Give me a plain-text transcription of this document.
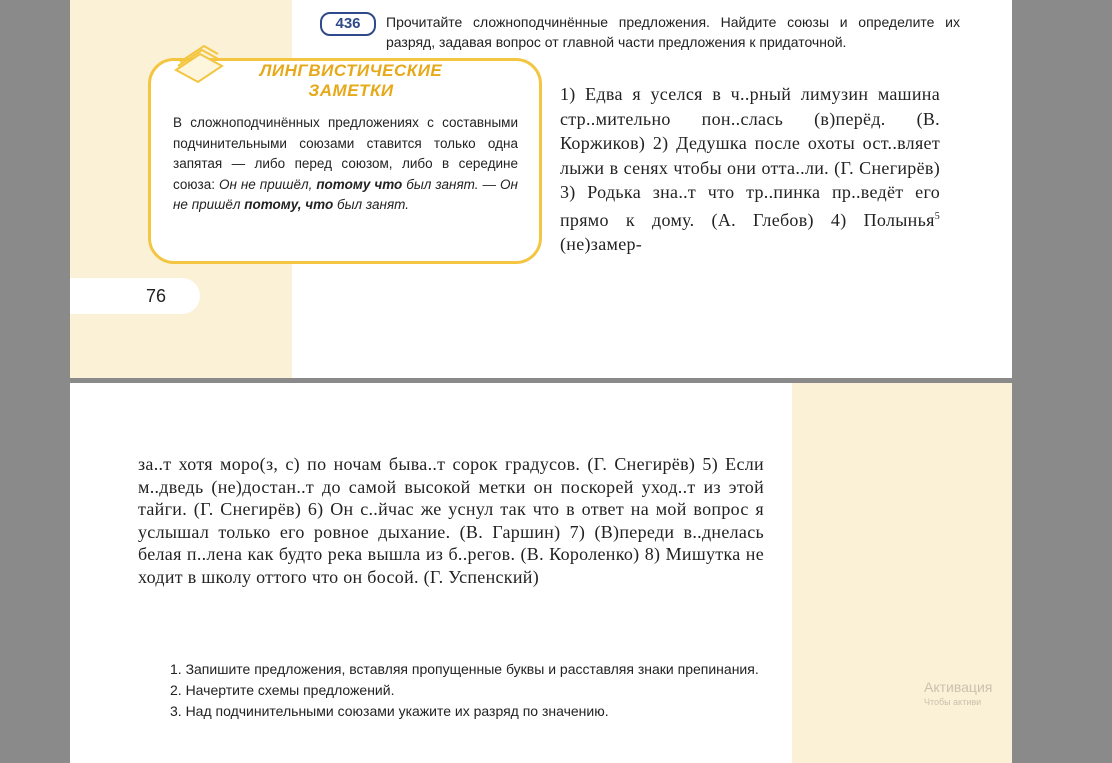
436	Прочитайте сложноподчинённые предложения. Найдите союзы и определите их разряд, задавая вопрос от главной части предложения к придаточной.
ЛИНГВИСТИЧЕСКИЕ
ЗАМЕТКИ
В сложноподчинённых предложениях с составными подчинительными союзами ставится только одна запятая — либо перед союзом, либо в середине союза: Он не пришёл, потому что был занят. — Он не пришёл потому, что был занят.
1) Едва я уселся в ч..рный лимузин машина стр..мительно пон..слась (в)перёд. (В. Коржиков) 2) Дедушка после охоты ост..вляет лыжи в сенях чтобы они отта..ли. (Г. Снегирёв) 3) Родька зна..т что тр..пинка пр..ведёт его прямо к дому. (А. Глебов) 4) Полынья$^5$ (не)замер-
76
за..т хотя моро(з, с) по ночам быва..т сорок градусов. (Г. Снегирёв) 5) Если м..дведь (не)достан..т до самой высокой метки он поскорей уход..т из этой тайги. (Г. Снегирёв) 6) Он с..йчас же уснул так что в ответ на мой вопрос я услышал только его ровное дыхание. (В. Гаршин) 7) (В)переди в..днелась белая п..лена как будто река вышла из б..регов. (В. Короленко) 8) Мишутка не ходит в школу оттого что он босой. (Г. Успенский)
1. Запишите предложения, вставляя пропущенные буквы и расставляя знаки препинания.
2. Начертите схемы предложений.
3. Над подчинительными союзами укажите их разряд по значению.
Активация
Чтобы активи
